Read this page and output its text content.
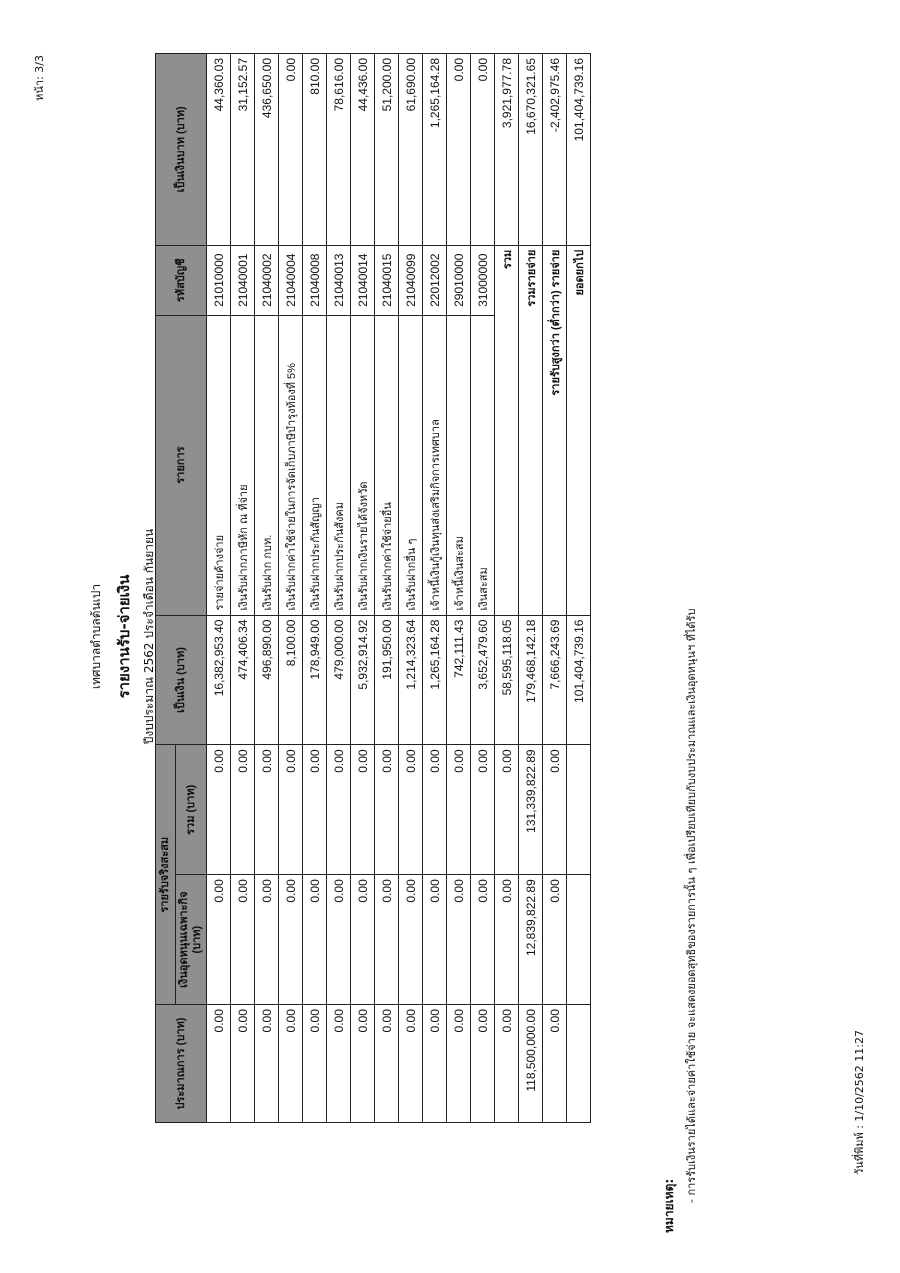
หน้า: 3/3
วันที่พิมพ์ : 1/10/2562 11:27
เทศบาลตำบลต้นเปา รายงานรับ-จ่ายเงิน ปีงบประมาณ 2562 ประจำเดือน กันยายน
ประมาณการ (บาท)	รายรับจริงสะสม		เป็นเงิน (บาท)	รายการ	รหัสบัญชี	เป็นเงินบาท (บาท)
	เงินอุดหนุนเฉพาะกิจ (บาท)	รวม (บาท)				
0.00	0.00	0.00	16,382,953.40	รายจ่ายค้างจ่าย	21010000	44,360.03
0.00	0.00	0.00	474,406.34	เงินรับฝากภาษีหัก ณ ที่จ่าย	21040001	31,152.57
0.00	0.00	0.00	496,890.00	เงินรับฝาก กบท.	21040002	436,650.00
0.00	0.00	0.00	8,100.00	เงินรับฝากค่าใช้จ่ายในการจัดเก็บภาษีบำรุงท้องที่ 5%	21040004	0.00
0.00	0.00	0.00	178,949.00	เงินรับฝากประกันสัญญา	21040008	810.00
0.00	0.00	0.00	479,000.00	เงินรับฝากประกันสังคม	21040013	78,616.00
0.00	0.00	0.00	5,932,914.92	เงินรับฝากเงินรายได้จังหวัด	21040014	44,436.00
0.00	0.00	0.00	191,950.00	เงินรับฝากค่าใช้จ่ายอื่น	21040015	51,200.00
0.00	0.00	0.00	1,214,323.64	เงินรับฝากอื่น ๆ	21040099	61,690.00
0.00	0.00	0.00	1,265,164.28	เจ้าหนี้เงินกู้เงินทุนส่งเสริมกิจการเทศบาล	22012002	1,265,164.28
0.00	0.00	0.00	742,111.43	เจ้าหนี้เงินสะสม	29010000	0.00
0.00	0.00	0.00	3,652,479.60	เงินสะสม	31000000	0.00
0.00	0.00	0.00	58,595,118.05	รวม		3,921,977.78
118,500,000.00	12,839,822.89	131,339,822.89	179,468,142.18	รวมรายจ่าย		16,670,321.65
0.00	0.00	0.00	7,666,243.69	รายรับสูงกว่า (ต่ำกว่า) รายจ่าย		-2,402,975.46
			101,404,739.16	ยอดยกไป		101,404,739.16
หมายเหตุ:
- การรับเงินรายได้และจ่ายค่าใช้จ่าย จะแสดงยอดสุทธิของรายการนั้น ๆ เพื่อเปรียบเทียบกับงบประมาณและเงินอุดหนุนฯ ที่ได้รับ
